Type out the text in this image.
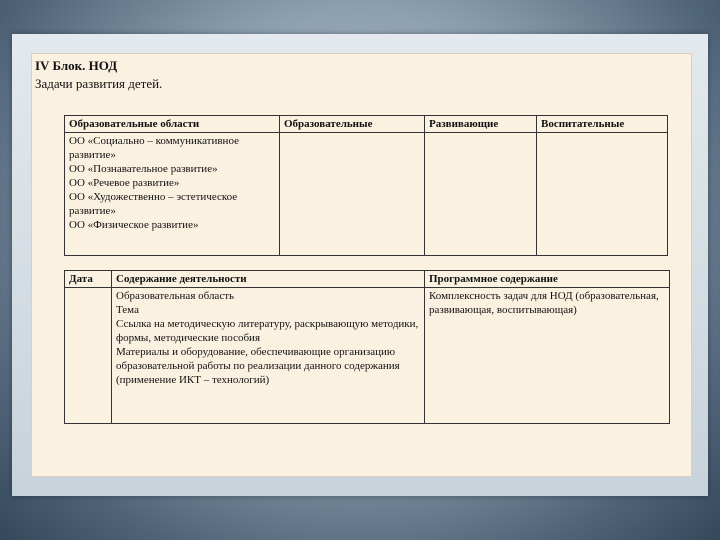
IV Блок. НОД

Задачи развития детей.

Образовательные области	Образовательные	Развивающие	Воспитательные

ОО «Социально – коммуникативное развитие»
ОО «Познавательное развитие»
ОО «Речевое развитие»
ОО «Художественно – эстетическое развитие»
ОО «Физическое развитие»			

Дата	Содержание деятельности	Программное содержание

	Образовательная область
Тема
Ссылка на методическую литературу, раскрывающую методики, формы, методические пособия
Материалы и оборудование, обеспечивающие организацию образовательной работы по реализации данного содержания (применение ИКТ – технологий)	Комплексность задач для НОД (образовательная, развивающая, воспитывающая)
